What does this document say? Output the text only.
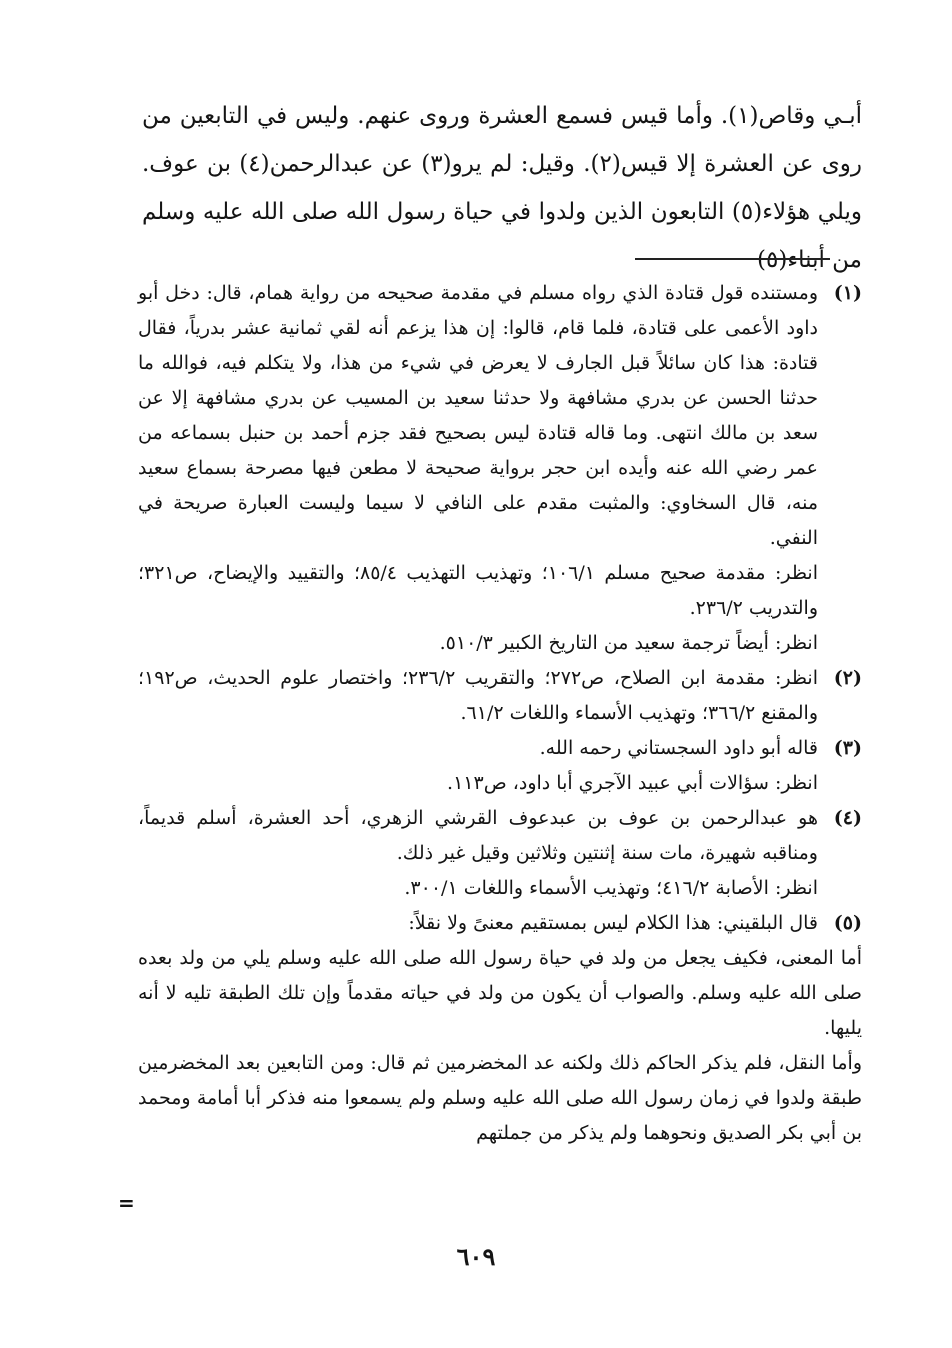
أبـي وقاص(١). وأما قيس فسمع العشرة وروى عنهم. وليس في التابعين من روى عن العشرة إلا قيس(٢). وقيل: لم يرو(٣) عن عبدالرحمن(٤) بن عوف. ويلي هؤلاء(٥) التابعون الذين ولدوا في حياة رسول الله صلى الله عليه وسلم من أبناء(٥)
(١)
ومستنده قول قتادة الذي رواه مسلم في مقدمة صحيحه من رواية همام، قال: دخل أبو داود الأعمى على قتادة، فلما قام، قالوا: إن هذا يزعم أنه لقي ثمانية عشر بدرياً، فقال قتادة: هذا كان سائلاً قبل الجارف لا يعرض في شيء من هذا، ولا يتكلم فيه، فوالله ما حدثنا الحسن عن بدري مشافهة ولا حدثنا سعيد بن المسيب عن بدري مشافهة إلا عن سعد بن مالك انتهى. وما قاله قتادة ليس بصحيح فقد جزم أحمد بن حنبل بسماعه من عمر رضي الله عنه وأيده ابن حجر برواية صحيحة لا مطعن فيها مصرحة بسماع سعيد منه، قال السخاوي: والمثبت مقدم على النافي لا سيما وليست العبارة صريحة في النفي.
انظر: مقدمة صحيح مسلم ١٠٦/١؛ وتهذيب التهذيب ٨٥/٤؛ والتقييد والإيضاح، ص٣٢١؛ والتدريب ٢٣٦/٢.
انظر: أيضاً ترجمة سعيد من التاريخ الكبير ٥١٠/٣.
(٢)
انظر: مقدمة ابن الصلاح، ص٢٧٢؛ والتقريب ٢٣٦/٢؛ واختصار علوم الحديث، ص١٩٢؛ والمقنع ٣٦٦/٢؛ وتهذيب الأسماء واللغات ٦١/٢.
(٣)
قاله أبو داود السجستاني رحمه الله.
انظر: سؤالات أبي عبيد الآجري أبا داود، ص١١٣.
(٤)
هو عبدالرحمن بن عوف بن عبدعوف القرشي الزهري، أحد العشرة، أسلم قديماً، ومناقبه شهيرة، مات سنة إثنتين وثلاثين وقيل غير ذلك.
انظر: الأصابة ٤١٦/٢؛ وتهذيب الأسماء واللغات ٣٠٠/١.
(٥)
قال البلقيني: هذا الكلام ليس بمستقيم معنىً ولا نقلاً:
أما المعنى، فكيف يجعل من ولد في حياة رسول الله صلى الله عليه وسلم يلي من ولد بعده صلى الله عليه وسلم. والصواب أن يكون من ولد في حياته مقدماً وإن تلك الطبقة تليه لا أنه يليها.
وأما النقل، فلم يذكر الحاكم ذلك ولكنه عد المخضرمين ثم قال: ومن التابعين بعد المخضرمين طبقة ولدوا في زمان رسول الله صلى الله عليه وسلم ولم يسمعوا منه فذكر أبا أمامة ومحمد بن أبي بكر الصديق ونحوهما ولم يذكر من جملتهم
=
٦٠٩
